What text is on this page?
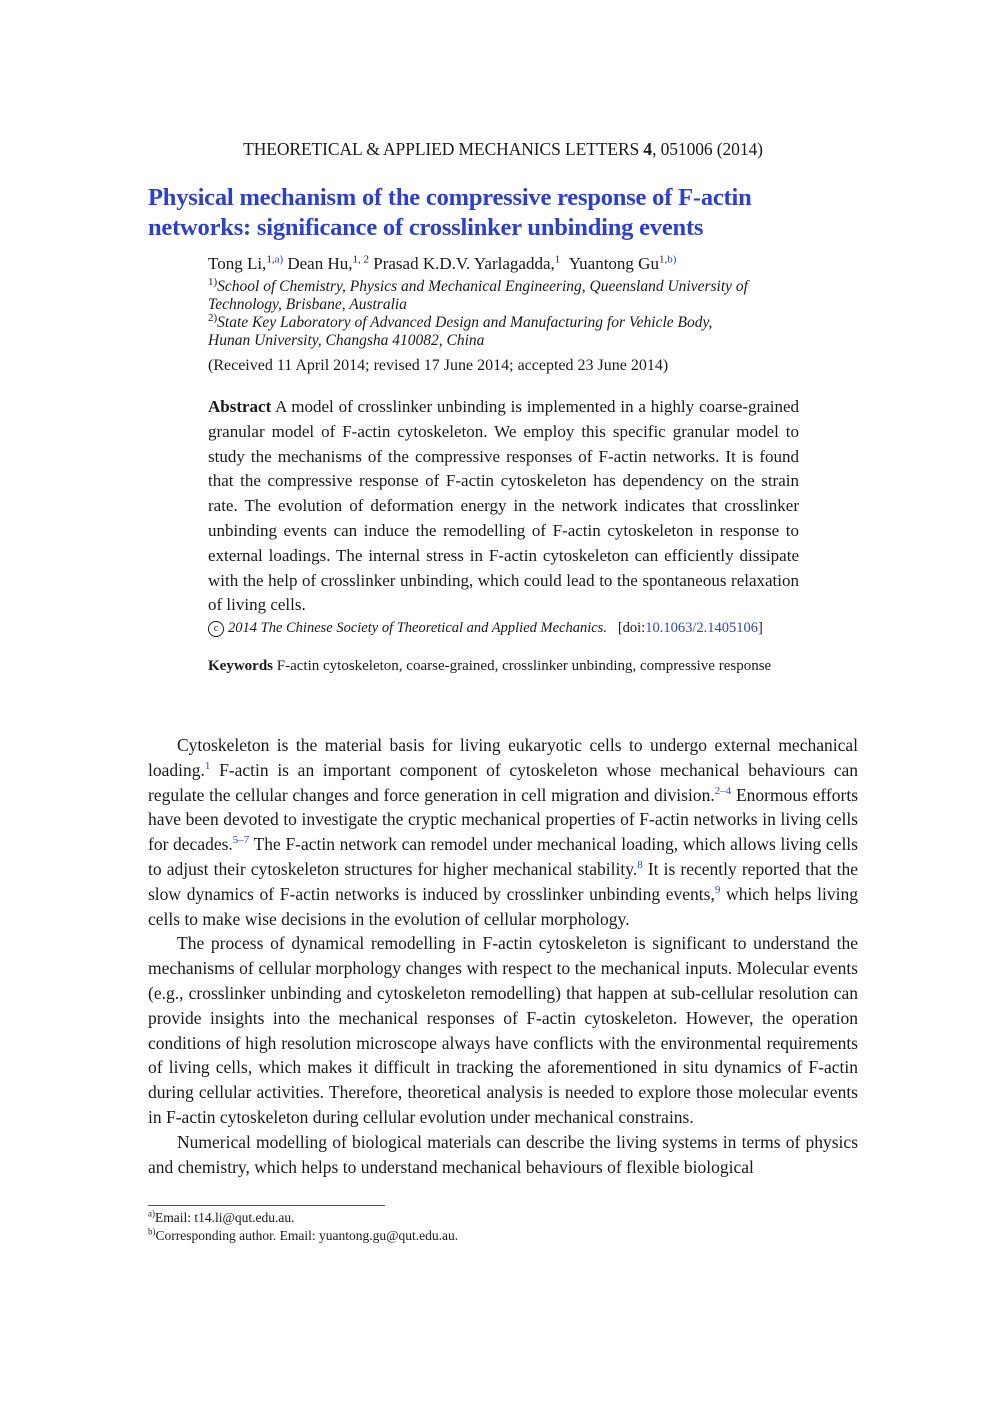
THEORETICAL & APPLIED MECHANICS LETTERS 4, 051006 (2014)
Physical mechanism of the compressive response of F-actin
networks: significance of crosslinker unbinding events
Tong Li,$^{1,a)}$ Dean Hu,$^{1, 2}$ Prasad K.D.V. Yarlagadda,$^1$ Yuantong Gu$^{1,b)}$
$^{1)}$School of Chemistry, Physics and Mechanical Engineering, Queensland University of
Technology, Brisbane, Australia
$^{2)}$State Key Laboratory of Advanced Design and Manufacturing for Vehicle Body,
Hunan University, Changsha 410082, China
(Received 11 April 2014; revised 17 June 2014; accepted 23 June 2014)
Abstract A model of crosslinker unbinding is implemented in a highly coarse-grained granular model of F-actin cytoskeleton. We employ this specific granular model to study the mechanisms of the compressive responses of F-actin networks. It is found that the compressive response of F-actin cytoskeleton has dependency on the strain rate. The evolution of deformation energy in the network indicates that crosslinker unbinding events can induce the remodelling of F-actin cytoskeleton in response to external loadings. The internal stress in F-actin cytoskeleton can efficiently dissipate with the help of crosslinker unbinding, which could lead to the spontaneous relaxation of living cells.
c 2014 The Chinese Society of Theoretical and Applied Mechanics. [doi:10.1063/2.1405106]
Keywords F-actin cytoskeleton, coarse-grained, crosslinker unbinding, compressive response

Cytoskeleton is the material basis for living eukaryotic cells to undergo external mechanical loading.$^1$ F-actin is an important component of cytoskeleton whose mechanical behaviours can regulate the cellular changes and force generation in cell migration and division.$^{2-4}$ Enormous efforts have been devoted to investigate the cryptic mechanical properties of F-actin networks in living cells for decades.$^{5-7}$ The F-actin network can remodel under mechanical loading, which allows living cells to adjust their cytoskeleton structures for higher mechanical stability.$^8$ It is recently reported that the slow dynamics of F-actin networks is induced by crosslinker unbinding events,$^9$ which helps living cells to make wise decisions in the evolution of cellular morphology.

The process of dynamical remodelling in F-actin cytoskeleton is significant to understand the mechanisms of cellular morphology changes with respect to the mechanical inputs. Molecular events (e.g., crosslinker unbinding and cytoskeleton remodelling) that happen at sub-cellular resolution can provide insights into the mechanical responses of F-actin cytoskeleton. However, the operation conditions of high resolution microscope always have conflicts with the environmental requirements of living cells, which makes it difficult in tracking the aforementioned in situ dynamics of F-actin during cellular activities. Therefore, theoretical analysis is needed to explore those molecular events in F-actin cytoskeleton during cellular evolution under mechanical constrains.

Numerical modelling of biological materials can describe the living systems in terms of physics and chemistry, which helps to understand mechanical behaviours of flexible biological

$^{a)}$Email: t14.li@qut.edu.au.
$^{b)}$Corresponding author. Email: yuantong.gu@qut.edu.au.
